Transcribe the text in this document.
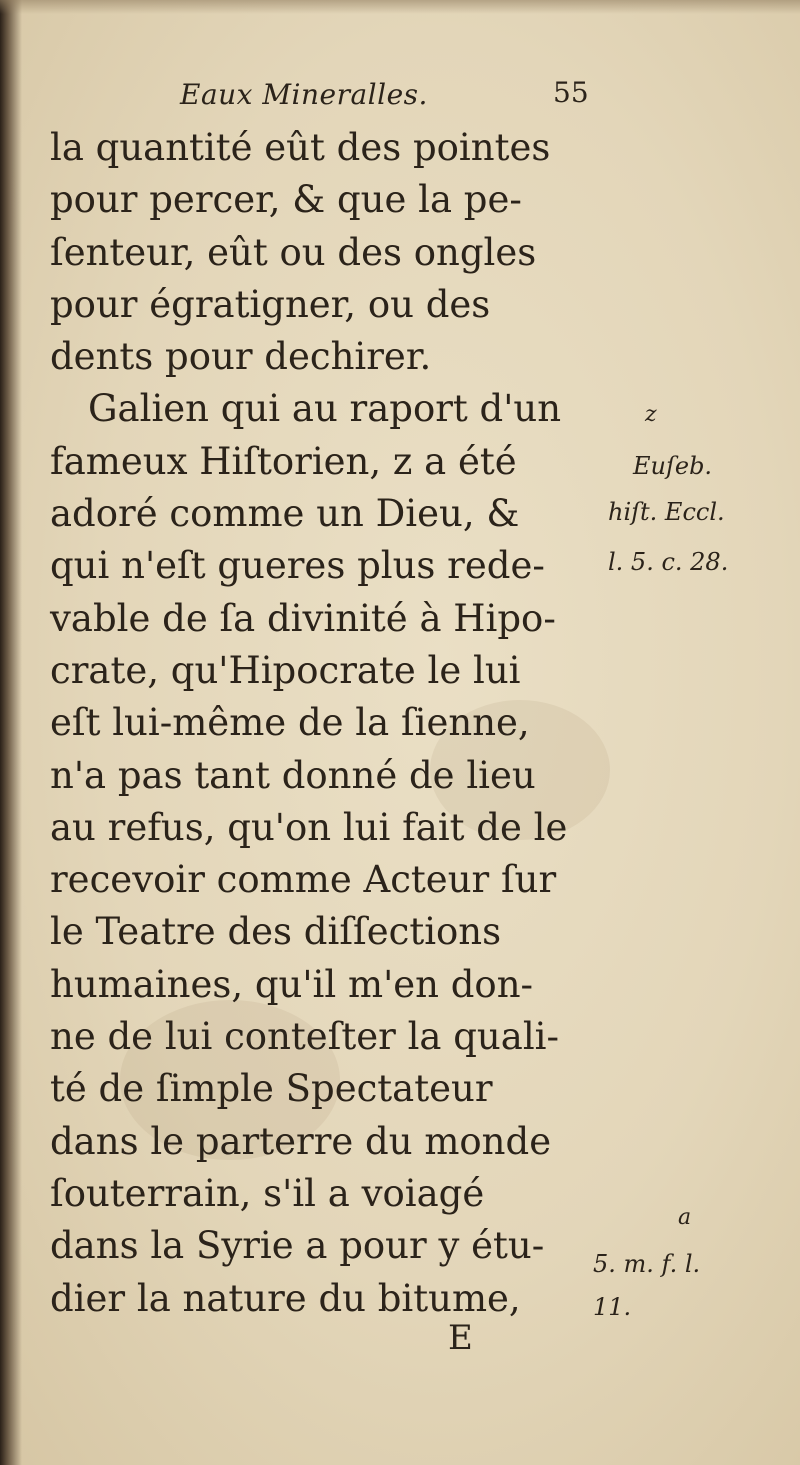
Eaux Mineralles.	55
la quantité eût des pointes
pour percer, & que la pe-
ſenteur, eût ou des ongles
pour égratigner, ou des
dents pour dechirer.
Galien qui au raport d'un
fameux Hiſtorien, z a été
adoré comme un Dieu, &
qui n'eſt gueres plus rede-
vable de ſa divinité à Hipo-
crate, qu'Hipocrate le lui
eſt lui-même de la ſienne,
n'a pas tant donné de lieu
au refus, qu'on lui fait de le
recevoir comme Acteur ſur
le Teatre des diſſections
humaines, qu'il m'en don-
ne de lui conteſter la quali-
té de ſimple Spectateur
dans le parterre du monde
ſouterrain, s'il a voiagé
dans la Syrie a pour y étu-
dier la nature du bitume,
z
Euſeb.
hiſt. Eccl.
l. 5. c. 28.
a
5. m. f. l.
11.
E
